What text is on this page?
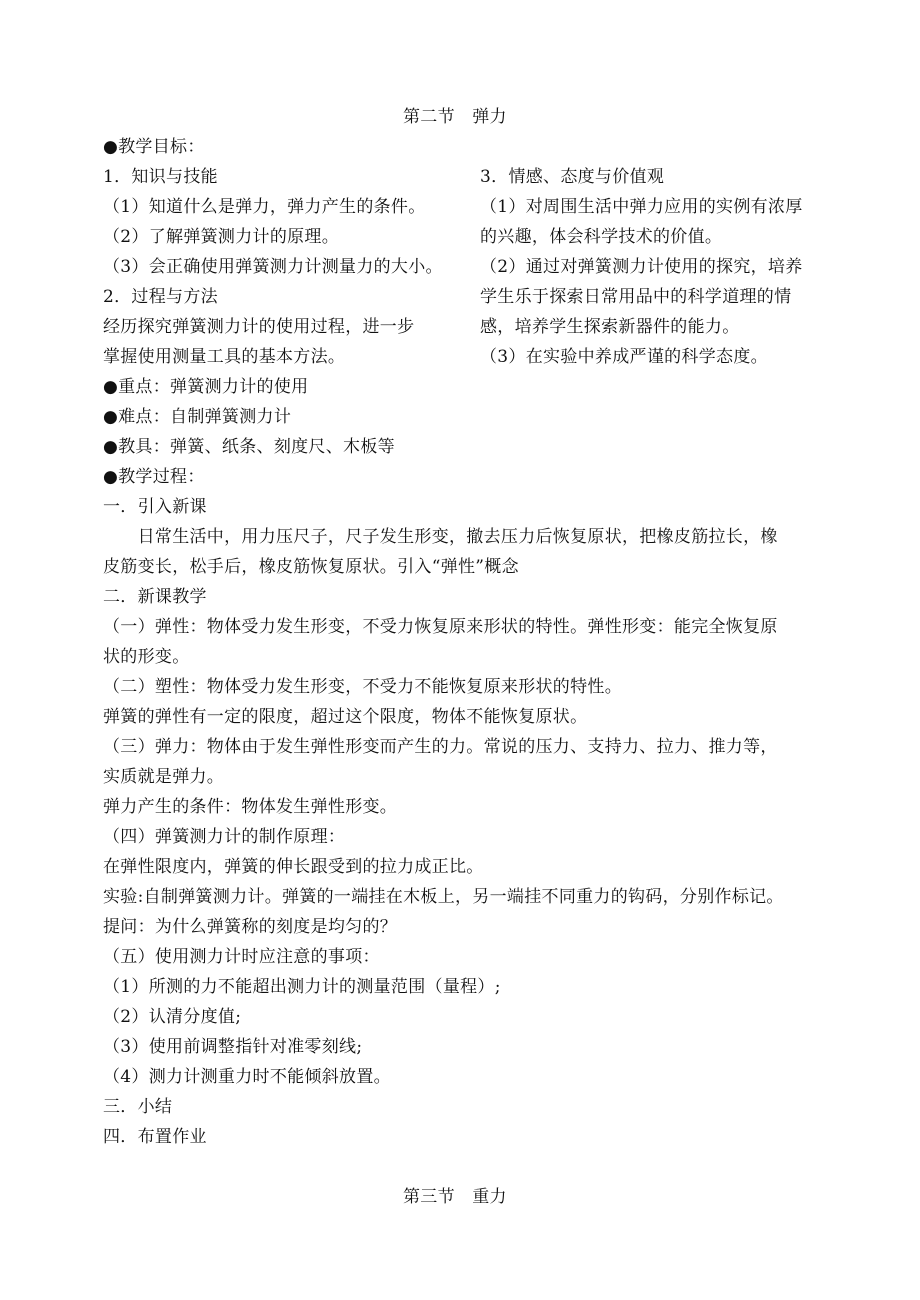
第二节　弹力
●教学目标：
1．知识与技能
（1）知道什么是弹力，弹力产生的条件。
（2）了解弹簧测力计的原理。
（3）会正确使用弹簧测力计测量力的大小。
2．过程与方法
经历探究弹簧测力计的使用过程，进一步
掌握使用测量工具的基本方法。
3．情感、态度与价值观
（1）对周围生活中弹力应用的实例有浓厚
的兴趣，体会科学技术的价值。
（2）通过对弹簧测力计使用的探究，培养
学生乐于探索日常用品中的科学道理的情
感，培养学生探索新器件的能力。
（3）在实验中养成严谨的科学态度。
●重点：弹簧测力计的使用
●难点：自制弹簧测力计
●教具：弹簧、纸条、刻度尺、木板等
●教学过程：
一．引入新课
　　日常生活中，用力压尺子，尺子发生形变，撤去压力后恢复原状，把橡皮筋拉长，橡
皮筋变长，松手后，橡皮筋恢复原状。引入“弹性”概念
二．新课教学
（一）弹性：物体受力发生形变，不受力恢复原来形状的特性。弹性形变：能完全恢复原
状的形变。
（二）塑性：物体受力发生形变，不受力不能恢复原来形状的特性。
弹簧的弹性有一定的限度，超过这个限度，物体不能恢复原状。
（三）弹力：物体由于发生弹性形变而产生的力。常说的压力、支持力、拉力、推力等，
实质就是弹力。
弹力产生的条件：物体发生弹性形变。
（四）弹簧测力计的制作原理：
在弹性限度内，弹簧的伸长跟受到的拉力成正比。
实验:自制弹簧测力计。弹簧的一端挂在木板上，另一端挂不同重力的钩码，分别作标记。
提问：为什么弹簧称的刻度是均匀的？
（五）使用测力计时应注意的事项：
（1）所测的力不能超出测力计的测量范围（量程）;
（2）认清分度值;
（3）使用前调整指针对准零刻线;
（4）测力计测重力时不能倾斜放置。
三．小结
四．布置作业
第三节　重力
